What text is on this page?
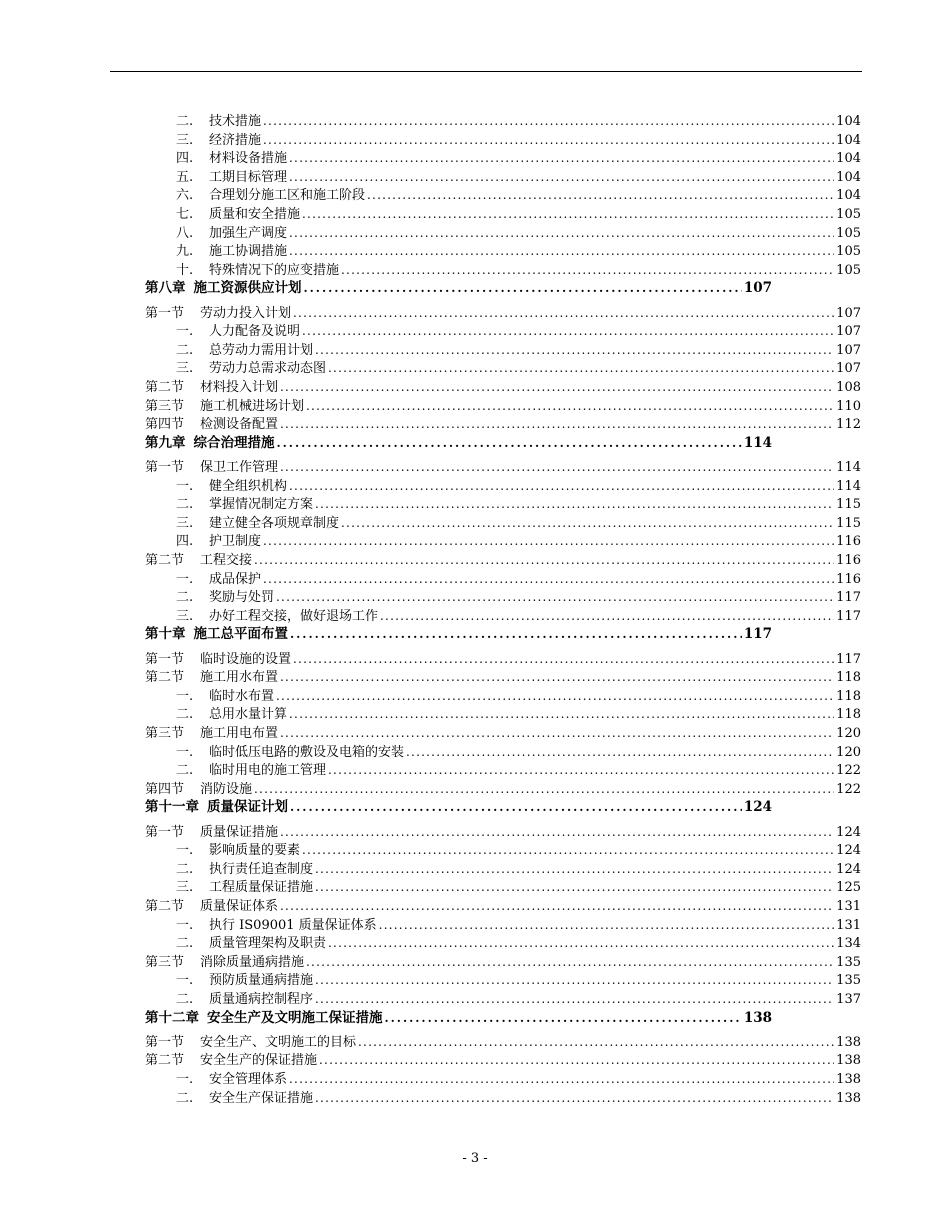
二.	技术措施 . . .	104
三.	经济措施 . . .	104
四.	材料设备措施 . . .	104
五.	工期目标管理 . . .	104
六.	合理划分施工区和施工阶段 . . .	104
七.	质量和安全措施 . . .	105
八.	加强生产调度 . . .	105
九.	施工协调措施 . . .	105
十.	特殊情况下的应变措施 . . .	105
第八章 施工资源供应计划 . . .	107
第一节	劳动力投入计划 . . .	107
一.	人力配备及说明 . . .	107
二.	总劳动力需用计划 . . .	107
三.	劳动力总需求动态图 . . .	107
第二节	材料投入计划 . . .	108
第三节	施工机械进场计划 . . .	110
第四节	检测设备配置 . . .	112
第九章 综合治理措施 . . .	114
第一节	保卫工作管理 . . .	114
一.	健全组织机构 . . .	114
二.	掌握情况制定方案 . . .	115
三.	建立健全各项规章制度 . . .	115
四.	护卫制度 . . .	116
第二节	工程交接 . . .	116
一.	成品保护 . . .	116
二.	奖励与处罚 . . .	117
三.	办好工程交接，做好退场工作 . . .	117
第十章 施工总平面布置 . . .	117
第一节	临时设施的设置 . . .	117
第二节	施工用水布置 . . .	118
一.	临时水布置 . . .	118
二.	总用水量计算 . . .	118
第三节	施工用电布置 . . .	120
一.	临时低压电路的敷设及电箱的安装 . . .	120
二.	临时用电的施工管理 . . .	122
第四节	消防设施 . . .	122
第十一章 质量保证计划 . . .	124
第一节	质量保证措施 . . .	124
一.	影响质量的要素 . . .	124
二.	执行责任追查制度 . . .	124
三.	工程质量保证措施 . . .	125
第二节	质量保证体系 . . .	131
一.	执行 IS09001 质量保证体系 . . .	131
二.	质量管理架构及职责 . . .	134
第三节	消除质量通病措施 . . .	135
一.	预防质量通病措施 . . .	135
二.	质量通病控制程序 . . .	137
第十二章 安全生产及文明施工保证措施 . . .	138
第一节	安全生产、文明施工的目标 . . .	138
第二节	安全生产的保证措施 . . .	138
一.	安全管理体系 . . .	138
二.	安全生产保证措施 . . .	138
- 3 -
